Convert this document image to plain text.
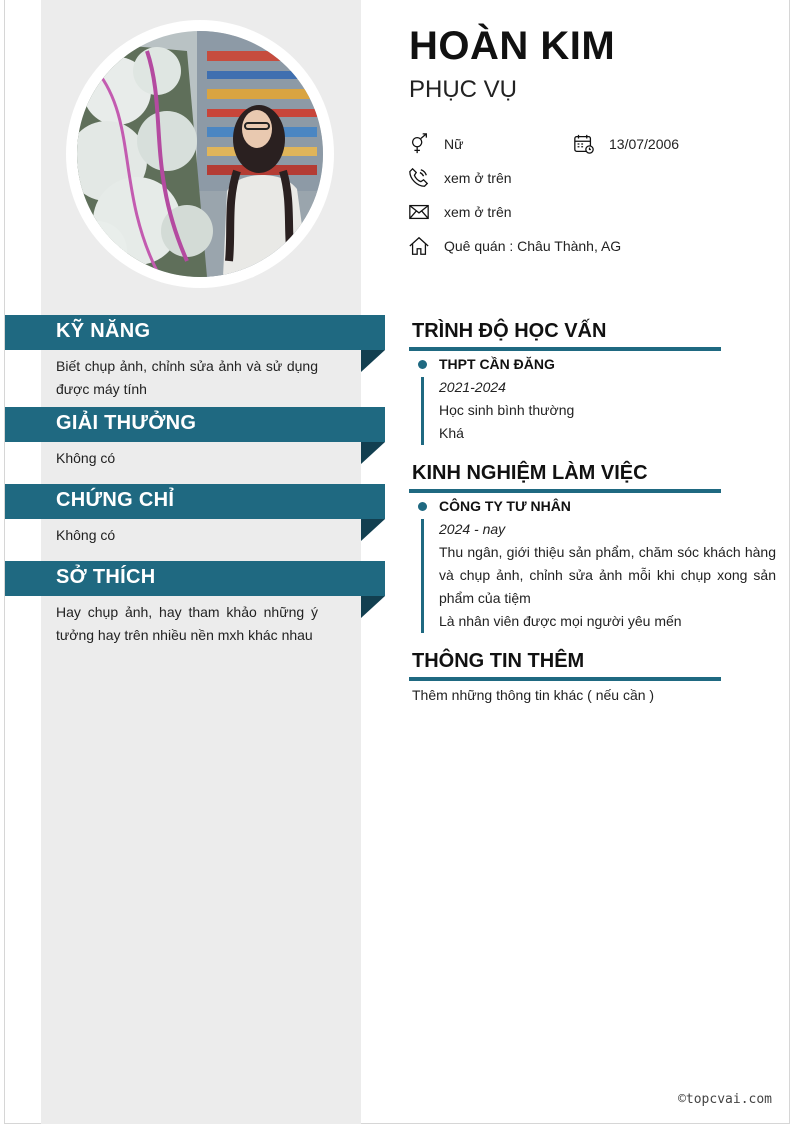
HOÀN KIM
PHỤC VỤ
Nữ	13/07/2006
xem ở trên
xem ở trên
Quê quán : Châu Thành, AG
KỸ NĂNG
Biết chụp ảnh, chỉnh sửa ảnh và sử dụng được máy tính
GIẢI THƯỞNG
Không có
CHỨNG CHỈ
Không có
SỞ THÍCH
Hay chụp ảnh, hay tham khảo những ý tưởng hay trên nhiều nền mxh khác nhau
TRÌNH ĐỘ HỌC VẤN
THPT CẦN ĐĂNG
2021-2024
Học sinh bình thường
Khá
KINH NGHIỆM LÀM VIỆC
CÔNG TY TƯ NHÂN
2024 - nay
Thu ngân, giới thiệu sản phẩm, chăm sóc khách hàng và chụp ảnh, chỉnh sửa ảnh mỗi khi chụp xong sản phẩm của tiệm
Là nhân viên được mọi người yêu mến
THÔNG TIN THÊM
Thêm những thông tin khác ( nếu cần )
©topcvai.com
